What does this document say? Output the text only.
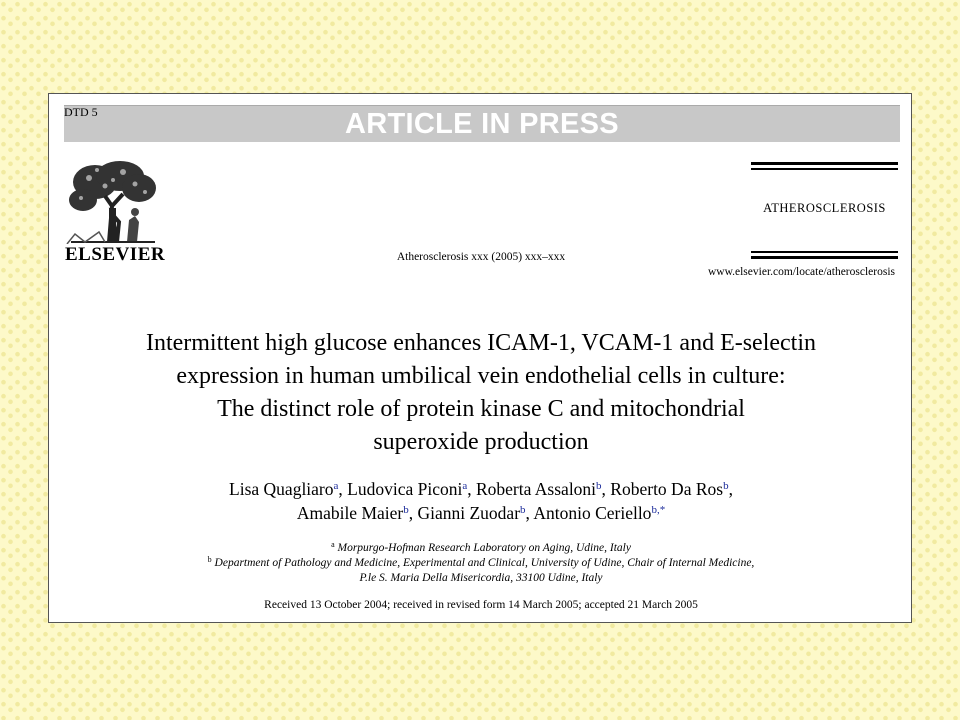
ARTICLE IN PRESS
DTD 5
ELSEVIER	Atherosclerosis xxx (2005) xxx–xxx
ATHEROSCLEROSIS
www.elsevier.com/locate/atherosclerosis
Intermittent high glucose enhances ICAM-1, VCAM-1 and E-selectin
expression in human umbilical vein endothelial cells in culture:
The distinct role of protein kinase C and mitochondrial
superoxide production
Lisa Quagliaro$^a$, Ludovica Piconi$^a$, Roberta Assaloni$^b$, Roberto Da Ros$^b$,
Amabile Maier$^b$, Gianni Zuodar$^b$, Antonio Ceriello$^{b,*}$
$^a$ Morpurgo-Hofman Research Laboratory on Aging, Udine, Italy
$^b$ Department of Pathology and Medicine, Experimental and Clinical, University of Udine, Chair of Internal Medicine,
P.le S. Maria Della Misericordia, 33100 Udine, Italy
Received 13 October 2004; received in revised form 14 March 2005; accepted 21 March 2005
